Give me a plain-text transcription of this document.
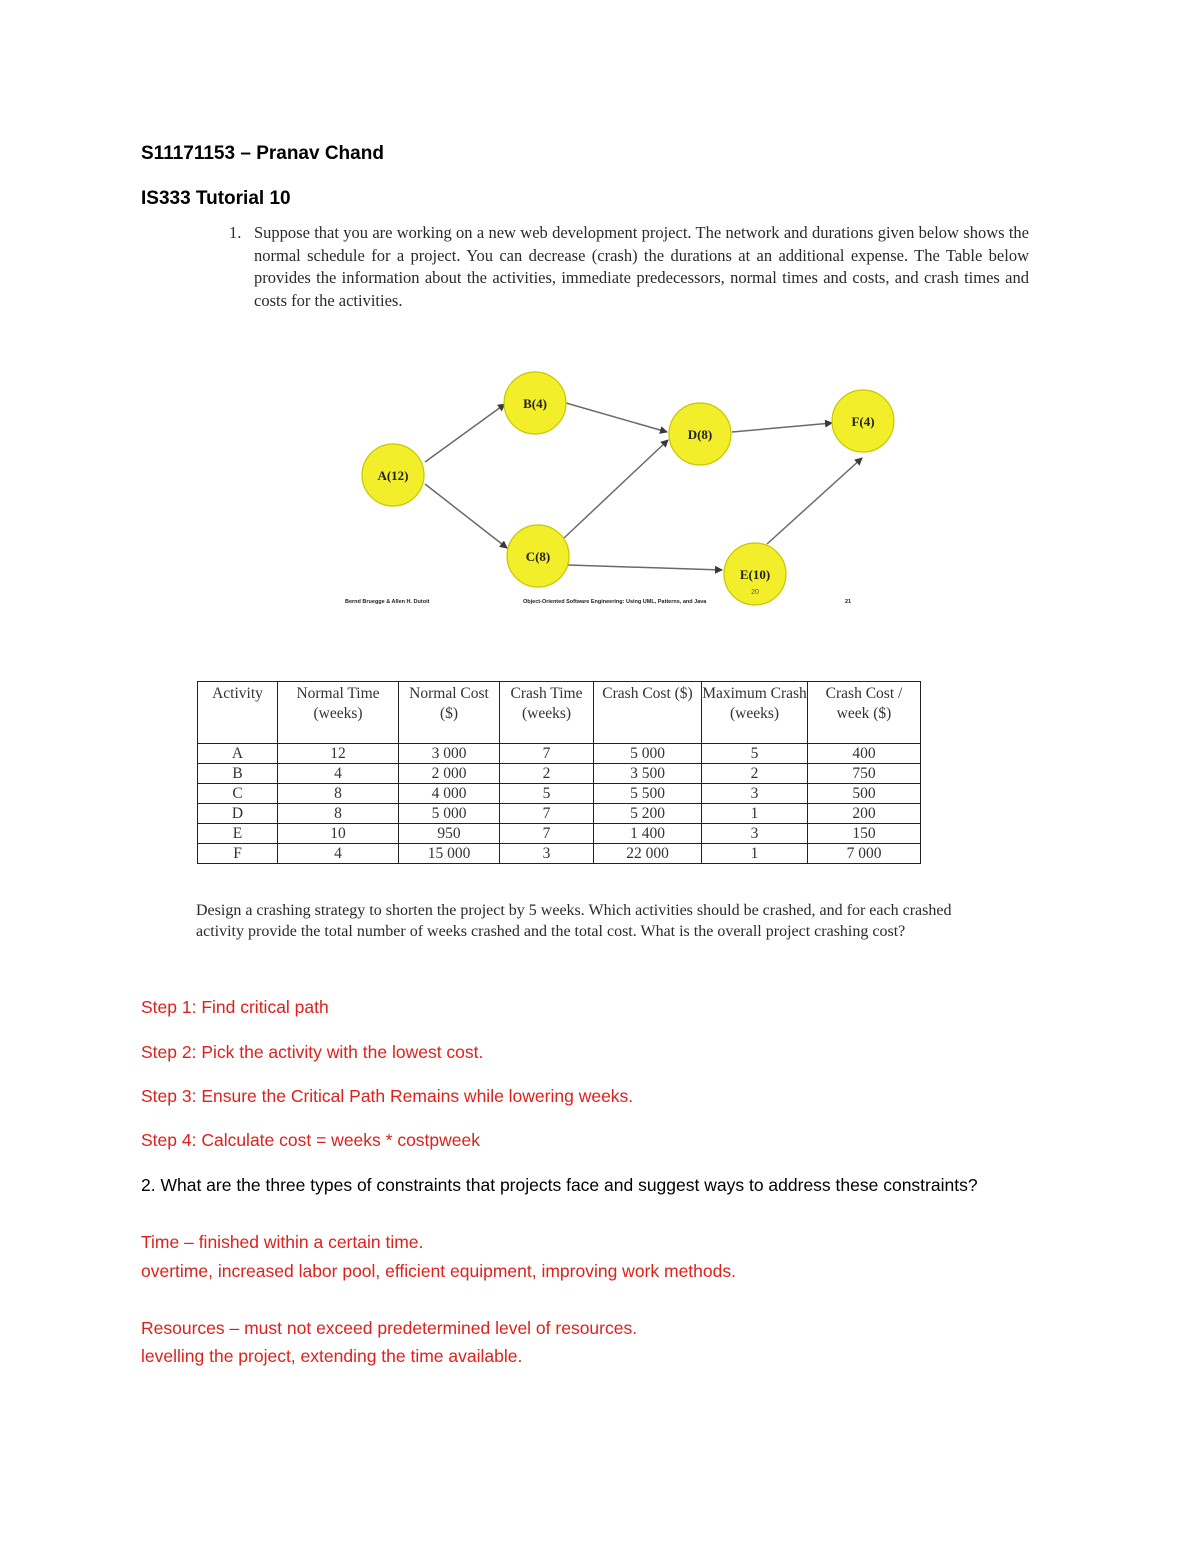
S11171153 – Pranav Chand
IS333 Tutorial 10
1. Suppose that you are working on a new web development project. The network and durations given below shows the normal schedule for a project. You can decrease (crash) the durations at an additional expense. The Table below provides the information about the activities, immediate predecessors, normal times and costs, and crash times and costs for the activities.
A(12)
B(4)
C(8)
D(8)
E(10)
F(4)
20
Bernd Bruegge & Allen H. Dutoit	Object-Oriented Software Engineering: Using UML, Patterns, and Java	21
Activity	Normal Time (weeks)	Normal Cost ($)	Crash Time (weeks)	Crash Cost ($)	Maximum Crash (weeks)	Crash Cost / week ($)
A	12	3 000	7	5 000	5	400
B	4	2 000	2	3 500	2	750
C	8	4 000	5	5 500	3	500
D	8	5 000	7	5 200	1	200
E	10	950	7	1 400	3	150
F	4	15 000	3	22 000	1	7 000
Design a crashing strategy to shorten the project by 5 weeks. Which activities should be crashed, and for each crashed activity provide the total number of weeks crashed and the total cost. What is the overall project crashing cost?
Step 1: Find critical path
Step 2: Pick the activity with the lowest cost.
Step 3: Ensure the Critical Path Remains while lowering weeks.
Step 4: Calculate cost = weeks * costpweek
2. What are the three types of constraints that projects face and suggest ways to address these constraints?
Time – finished within a certain time.
overtime, increased labor pool, efficient equipment, improving work methods.
Resources – must not exceed predetermined level of resources.
levelling the project, extending the time available.
